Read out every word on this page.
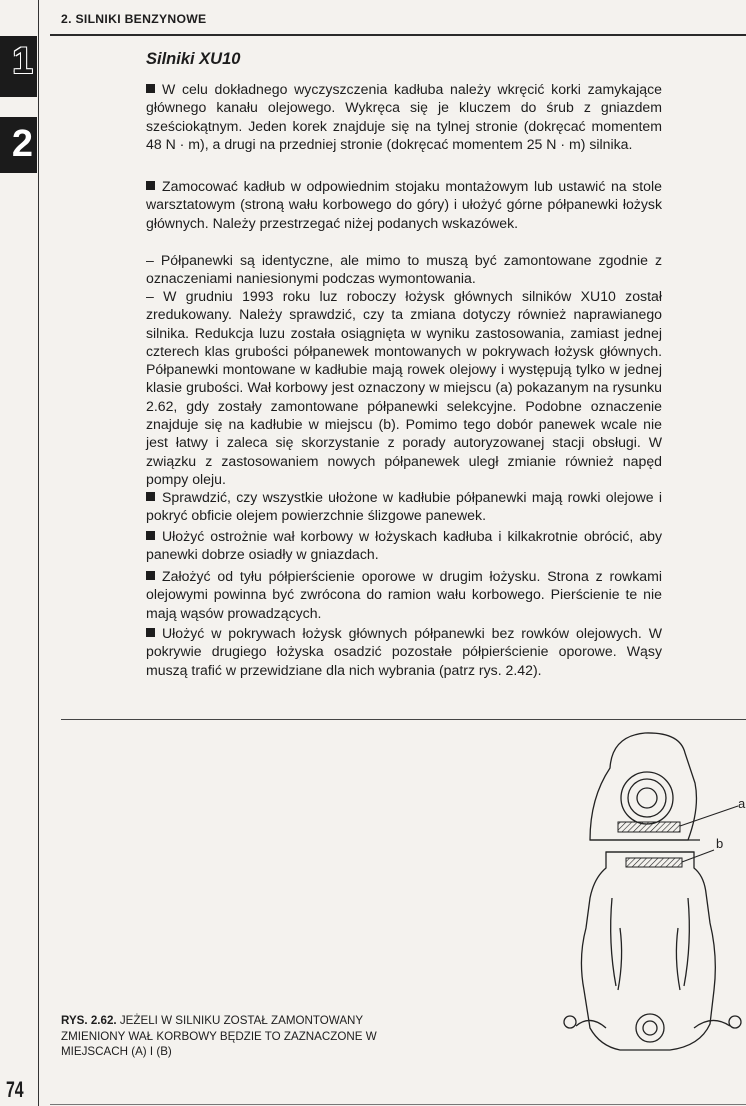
2. SILNIKI BENZYNOWE
1
2
Silniki XU10

W celu dokładnego wyczyszczenia kadłuba należy wkręcić korki zamykające głównego kanału olejowego. Wykręca się je kluczem do śrub z gniazdem sześciokątnym. Jeden korek znajduje się na tylnej stronie (dokręcać momentem 48 N · m), a drugi na przedniej stronie (dokręcać momentem 25 N · m) silnika.

Zamocować kadłub w odpowiednim stojaku montażowym lub ustawić na stole warsztatowym (stroną wału korbowego do góry) i ułożyć górne półpanewki łożysk głównych. Należy przestrzegać niżej podanych wskazówek.

– Półpanewki są identyczne, ale mimo to muszą być zamontowane zgodnie z oznaczeniami naniesionymi podczas wymontowania.

– W grudniu 1993 roku luz roboczy łożysk głównych silników XU10 został zredukowany. Należy sprawdzić, czy ta zmiana dotyczy również naprawianego silnika. Redukcja luzu została osiągnięta w wyniku zastosowania, zamiast jednej czterech klas grubości półpanewek montowanych w pokrywach łożysk głównych. Półpanewki montowane w kadłubie mają rowek olejowy i występują tylko w jednej klasie grubości. Wał korbowy jest oznaczony w miejscu (a) pokazanym na rysunku 2.62, gdy zostały zamontowane półpanewki selekcyjne. Podobne oznaczenie znajduje się na kadłubie w miejscu (b). Pomimo tego dobór panewek wcale nie jest łatwy i zaleca się skorzystanie z porady autoryzowanej stacji obsługi. W związku z zastosowaniem nowych półpanewek uległ zmianie również napęd pompy oleju.

Sprawdzić, czy wszystkie ułożone w kadłubie półpanewki mają rowki olejowe i pokryć obficie olejem powierzchnie ślizgowe panewek.

Ułożyć ostrożnie wał korbowy w łożyskach kadłuba i kilkakrotnie obrócić, aby panewki dobrze osiadły w gniazdach.

Założyć od tyłu półpierścienie oporowe w drugim łożysku. Strona z rowkami olejowymi powinna być zwrócona do ramion wału korbowego. Pierścienie te nie mają wąsów prowadzących.

Ułożyć w pokrywach łożysk głównych półpanewki bez rowków olejowych. W pokrywie drugiego łożyska osadzić pozostałe półpierścienie oporowe. Wąsy muszą trafić w przewidziane dla nich wybrania (patrz rys. 2.42).

a
b
RYS. 2.62. JEŻELI W SILNIKU ZOSTAŁ ZAMONTOWANY ZMIENIONY WAŁ KORBOWY BĘDZIE TO ZAZNACZONE W MIEJSCACH (A) I (B)
74
